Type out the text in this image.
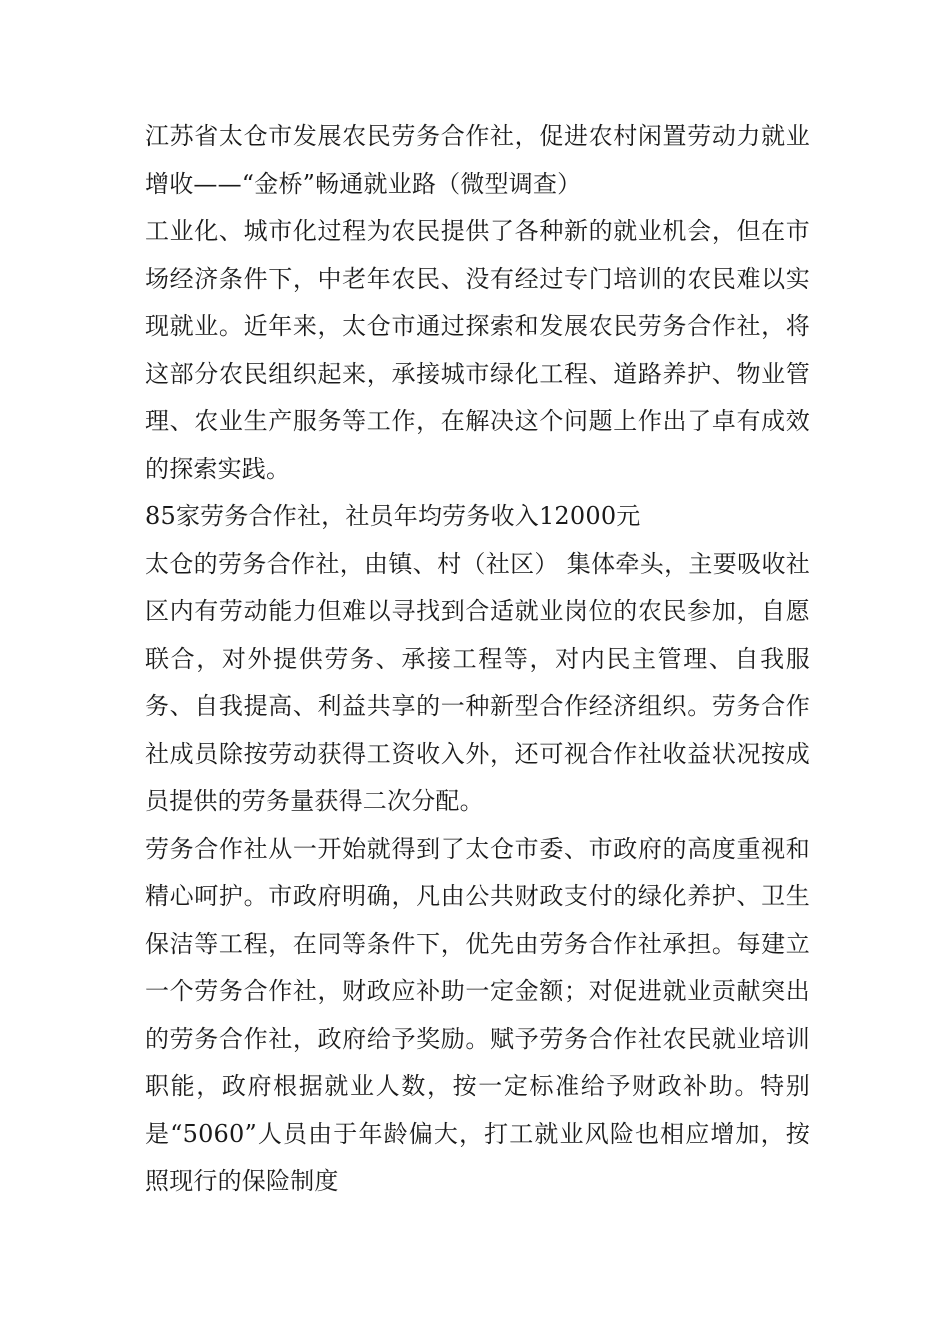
江苏省太仓市发展农民劳务合作社，促进农村闲置劳动力就业增收——“金桥”畅通就业路（微型调查）

工业化、城市化过程为农民提供了各种新的就业机会，但在市场经济条件下，中老年农民、没有经过专门培训的农民难以实现就业。近年来，太仓市通过探索和发展农民劳务合作社，将这部分农民组织起来，承接城市绿化工程、道路养护、物业管理、农业生产服务等工作，在解决这个问题上作出了卓有成效的探索实践。

85家劳务合作社，社员年均劳务收入12000元

太仓的劳务合作社，由镇、村（社区） 集体牵头，主要吸收社区内有劳动能力但难以寻找到合适就业岗位的农民参加，自愿联合，对外提供劳务、承接工程等，对内民主管理、自我服务、自我提高、利益共享的一种新型合作经济组织。劳务合作社成员除按劳动获得工资收入外，还可视合作社收益状况按成员提供的劳务量获得二次分配。

劳务合作社从一开始就得到了太仓市委、市政府的高度重视和精心呵护。市政府明确，凡由公共财政支付的绿化养护、卫生保洁等工程，在同等条件下，优先由劳务合作社承担。每建立一个劳务合作社，财政应补助一定金额；对促进就业贡献突出的劳务合作社，政府给予奖励。赋予劳务合作社农民就业培训职能，政府根据就业人数，按一定标准给予财政补助。特别是“5060”人员由于年龄偏大，打工就业风险也相应增加，按照现行的保险制度
